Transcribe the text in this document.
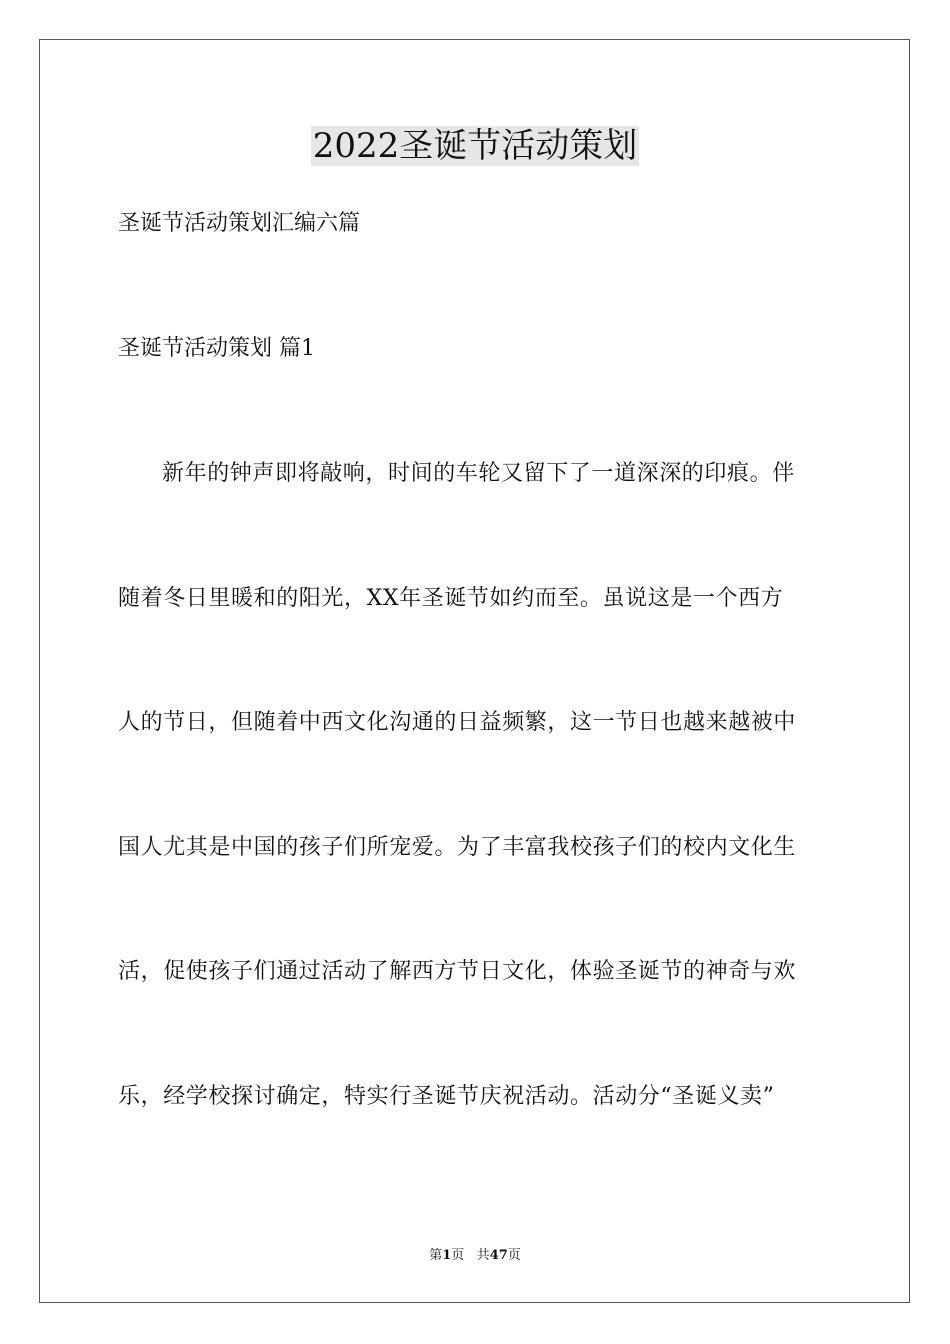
2022圣诞节活动策划
圣诞节活动策划汇编六篇
圣诞节活动策划 篇1
新年的钟声即将敲响，时间的车轮又留下了一道深深的印痕。伴
随着冬日里暖和的阳光，XX年圣诞节如约而至。虽说这是一个西方
人的节日，但随着中西文化沟通的日益频繁，这一节日也越来越被中
国人尤其是中国的孩子们所宠爱。为了丰富我校孩子们的校内文化生
活，促使孩子们通过活动了解西方节日文化，体验圣诞节的神奇与欢
乐，经学校探讨确定，特实行圣诞节庆祝活动。活动分“圣诞义卖”
第1页 共47页
